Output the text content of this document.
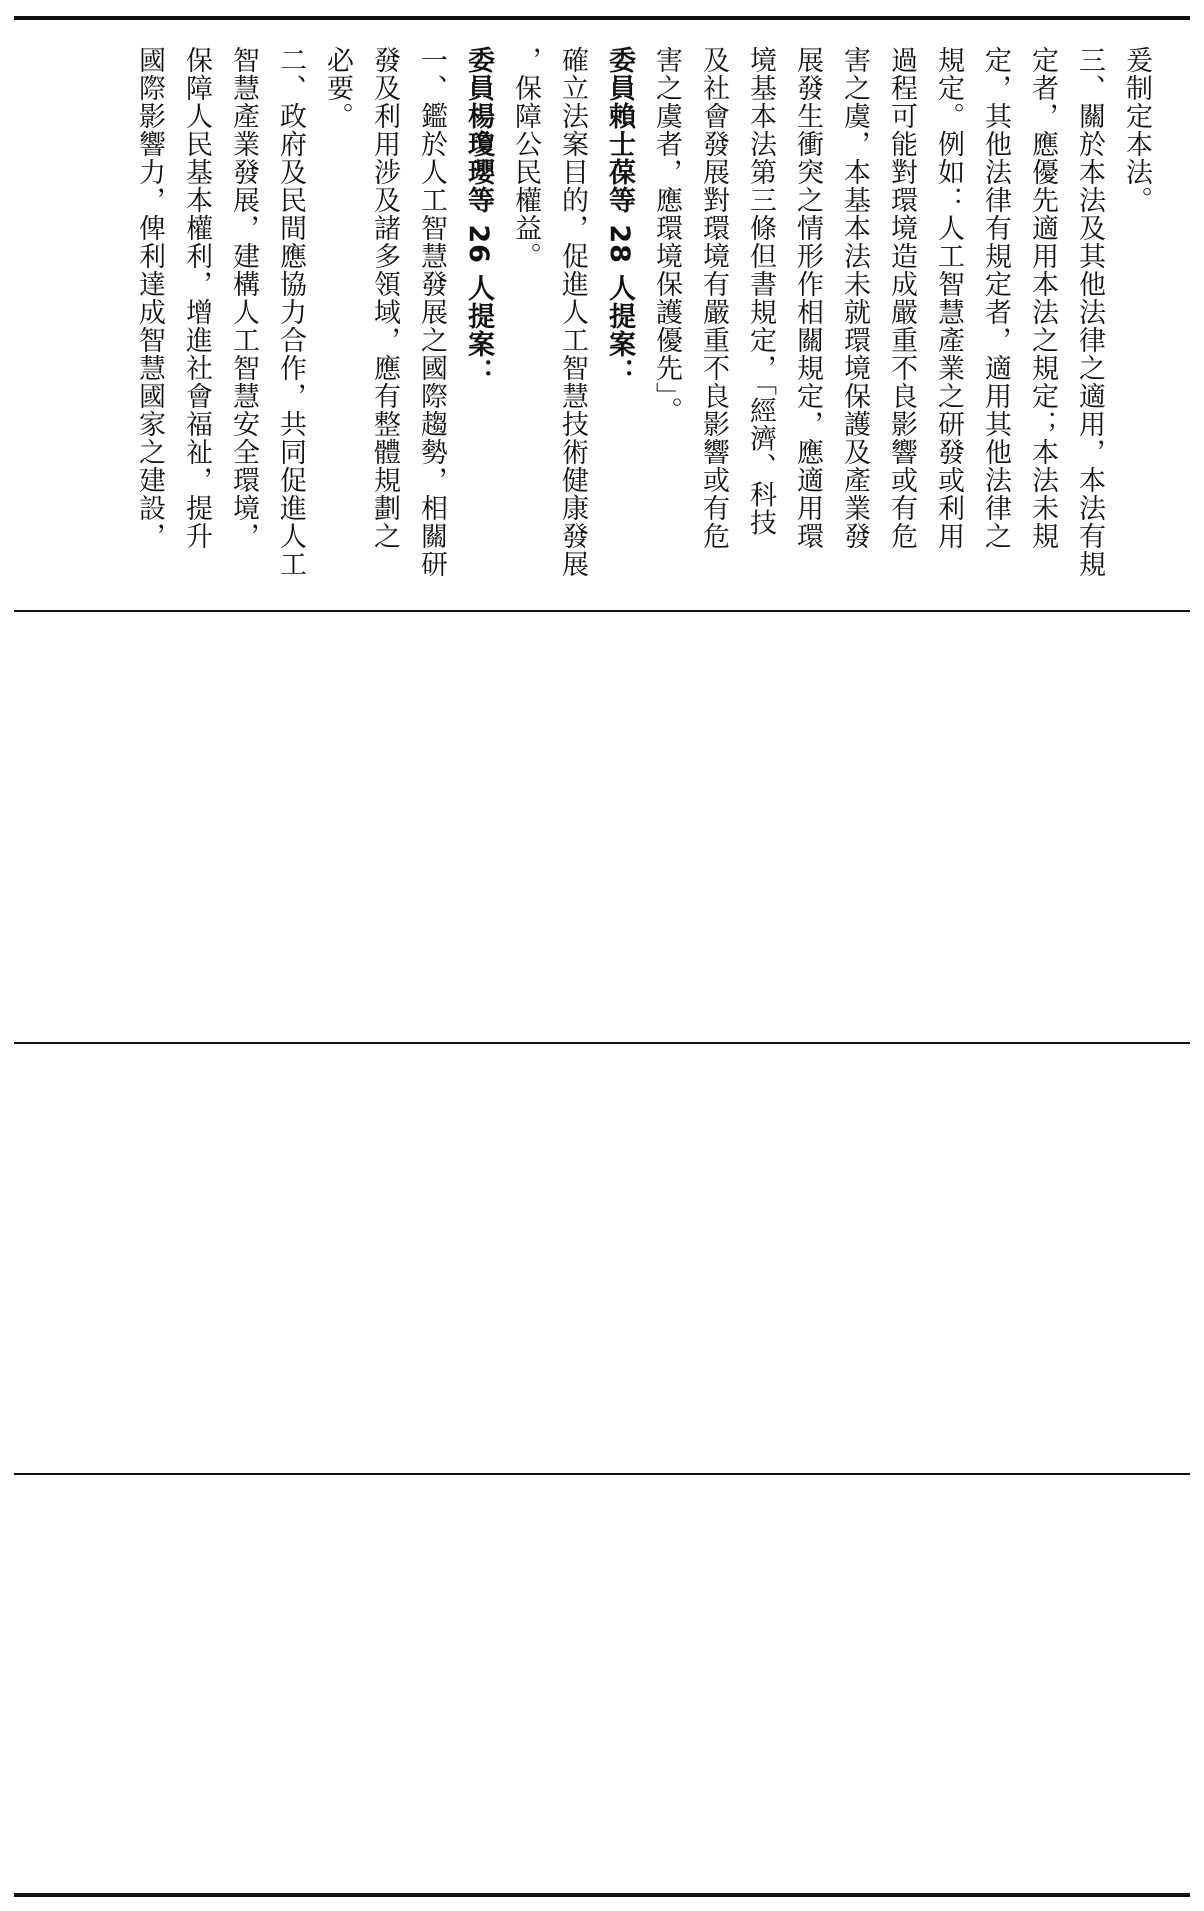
爰制定本法。
三、關於本法及其他法律之適用，本法有規
定者，應優先適用本法之規定；本法未規
定，其他法律有規定者，適用其他法律之
規定。例如：人工智慧產業之研發或利用
過程可能對環境造成嚴重不良影響或有危
害之虞，本基本法未就環境保護及產業發
展發生衝突之情形作相關規定，應適用環
境基本法第三條但書規定，「經濟、科技
及社會發展對環境有嚴重不良影響或有危
害之虞者，應環境保護優先」。
委員賴士葆等 28 人提案：
確立法案目的，促進人工智慧技術健康發展
，保障公民權益。
委員楊瓊瓔等 26 人提案：
一、鑑於人工智慧發展之國際趨勢，相關研
發及利用涉及諸多領域，應有整體規劃之
必要。
二、政府及民間應協力合作，共同促進人工
智慧產業發展，建構人工智慧安全環境，
保障人民基本權利，增進社會福祉，提升
國際影響力，俾利達成智慧國家之建設，
